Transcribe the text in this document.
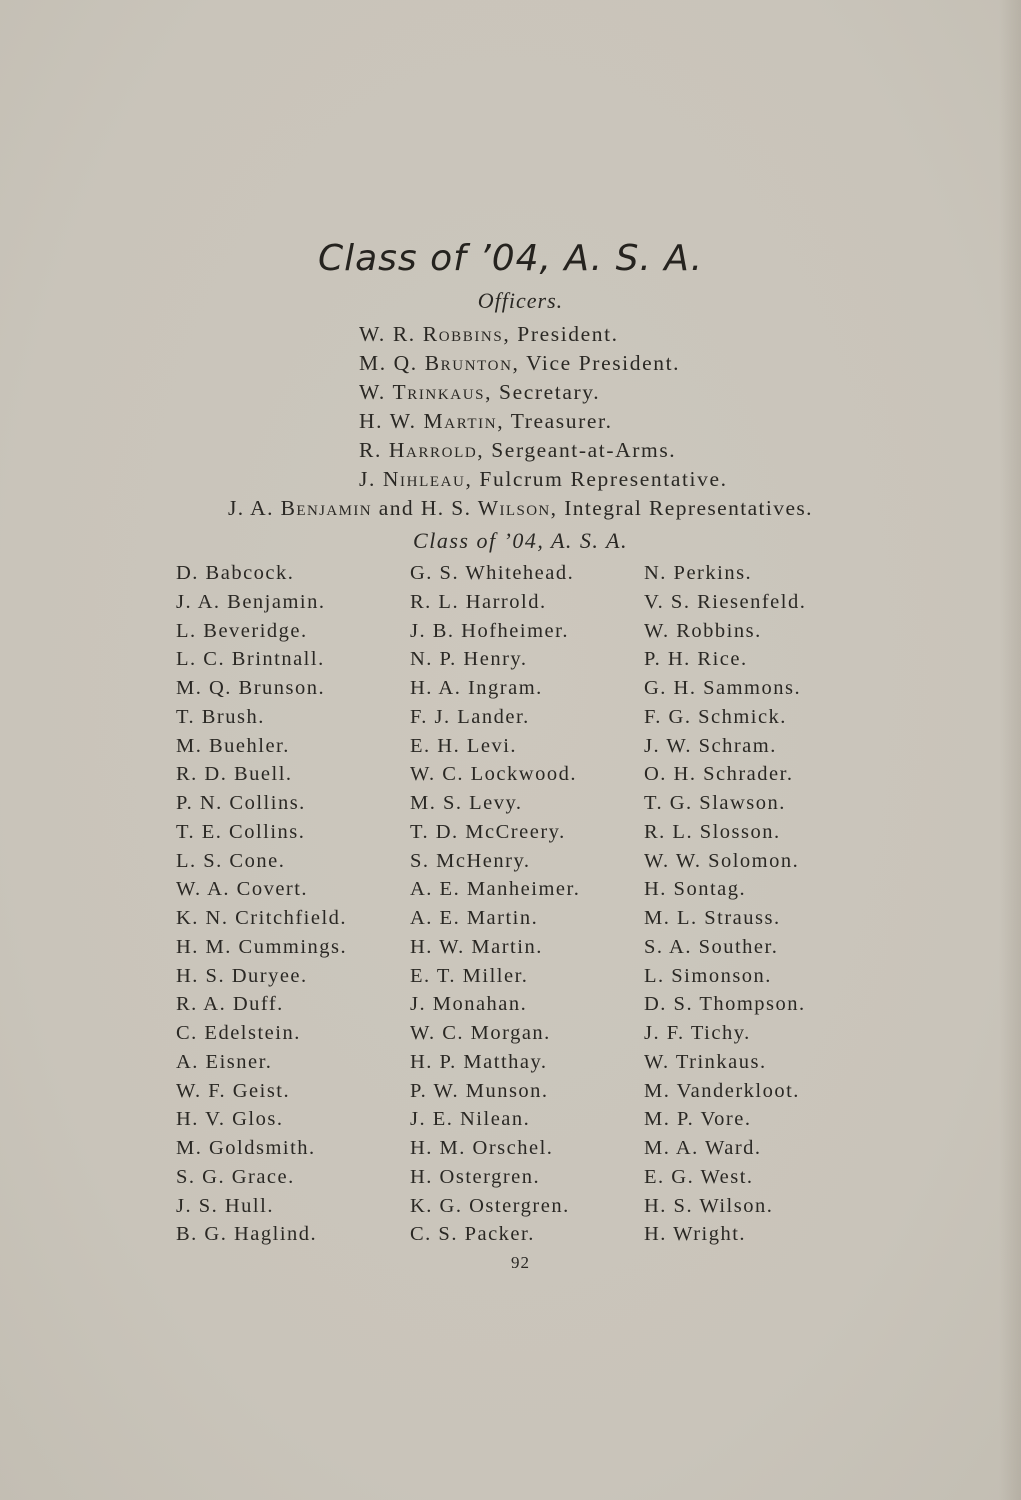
Class of ’04, A. S. A.
Officers.
W. R. Robbins, President.
M. Q. Brunton, Vice President.
W. Trinkaus, Secretary.
H. W. Martin, Treasurer.
R. Harrold, Sergeant-at-Arms.
J. Nihleau, Fulcrum Representative.
J. A. Benjamin and H. S. Wilson, Integral Representatives.
Class of ’04, A. S. A.
D. Babcock.
J. A. Benjamin.
L. Beveridge.
L. C. Brintnall.
M. Q. Brunson.
T. Brush.
M. Buehler.
R. D. Buell.
P. N. Collins.
T. E. Collins.
L. S. Cone.
W. A. Covert.
K. N. Critchfield.
H. M. Cummings.
H. S. Duryee.
R. A. Duff.
C. Edelstein.
A. Eisner.
W. F. Geist.
H. V. Glos.
M. Goldsmith.
S. G. Grace.
J. S. Hull.
B. G. Haglind.
G. S. Whitehead.
R. L. Harrold.
J. B. Hofheimer.
N. P. Henry.
H. A. Ingram.
F. J. Lander.
E. H. Levi.
W. C. Lockwood.
M. S. Levy.
T. D. McCreery.
S. McHenry.
A. E. Manheimer.
A. E. Martin.
H. W. Martin.
E. T. Miller.
J. Monahan.
W. C. Morgan.
H. P. Matthay.
P. W. Munson.
J. E. Nilean.
H. M. Orschel.
H. Ostergren.
K. G. Ostergren.
C. S. Packer.
N. Perkins.
V. S. Riesenfeld.
W. Robbins.
P. H. Rice.
G. H. Sammons.
F. G. Schmick.
J. W. Schram.
O. H. Schrader.
T. G. Slawson.
R. L. Slosson.
W. W. Solomon.
H. Sontag.
M. L. Strauss.
S. A. Souther.
L. Simonson.
D. S. Thompson.
J. F. Tichy.
W. Trinkaus.
M. Vanderkloot.
M. P. Vore.
M. A. Ward.
E. G. West.
H. S. Wilson.
H. Wright.
92
